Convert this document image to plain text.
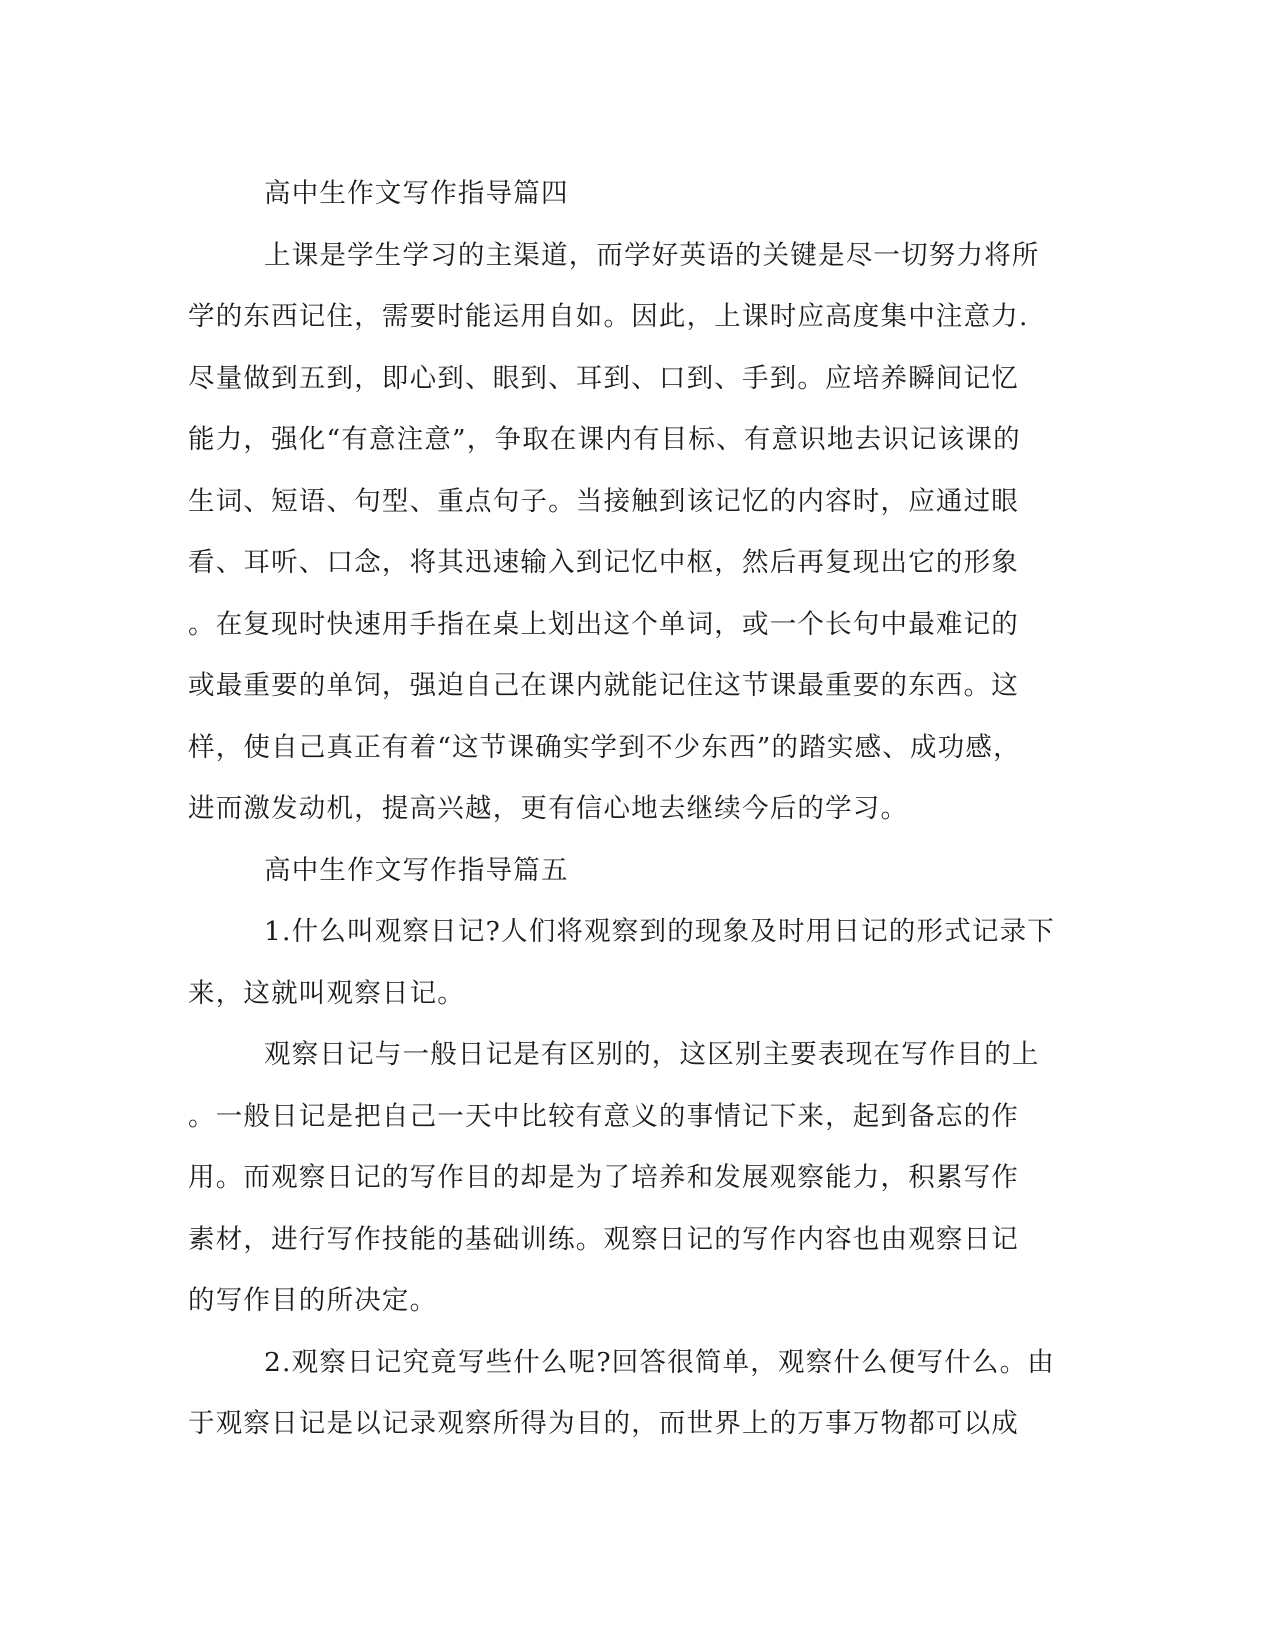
高中生作文写作指导篇四
上课是学生学习的主渠道，而学好英语的关键是尽一切努力将所
学的东西记住，需要时能运用自如。因此，上课时应高度集中注意力.
尽量做到五到，即心到、眼到、耳到、口到、手到。应培养瞬间记忆
能力，强化“有意注意”，争取在课内有目标、有意识地去识记该课的
生词、短语、句型、重点句子。当接触到该记忆的内容时，应通过眼
看、耳听、口念，将其迅速输入到记忆中枢，然后再复现出它的形象
。在复现时快速用手指在桌上划出这个单词，或一个长句中最难记的
或最重要的单饲，强迫自己在课内就能记住这节课最重要的东西。这
样，使自己真正有着“这节课确实学到不少东西”的踏实感、成功感，
进而激发动机，提高兴越，更有信心地去继续今后的学习。
高中生作文写作指导篇五
1.什么叫观察日记?人们将观察到的现象及时用日记的形式记录下
来，这就叫观察日记。
观察日记与一般日记是有区别的，这区别主要表现在写作目的上
。一般日记是把自己一天中比较有意义的事情记下来，起到备忘的作
用。而观察日记的写作目的却是为了培养和发展观察能力，积累写作
素材，进行写作技能的基础训练。观察日记的写作内容也由观察日记
的写作目的所决定。
2.观察日记究竟写些什么呢?回答很简单，观察什么便写什么。由
于观察日记是以记录观察所得为目的，而世界上的万事万物都可以成
